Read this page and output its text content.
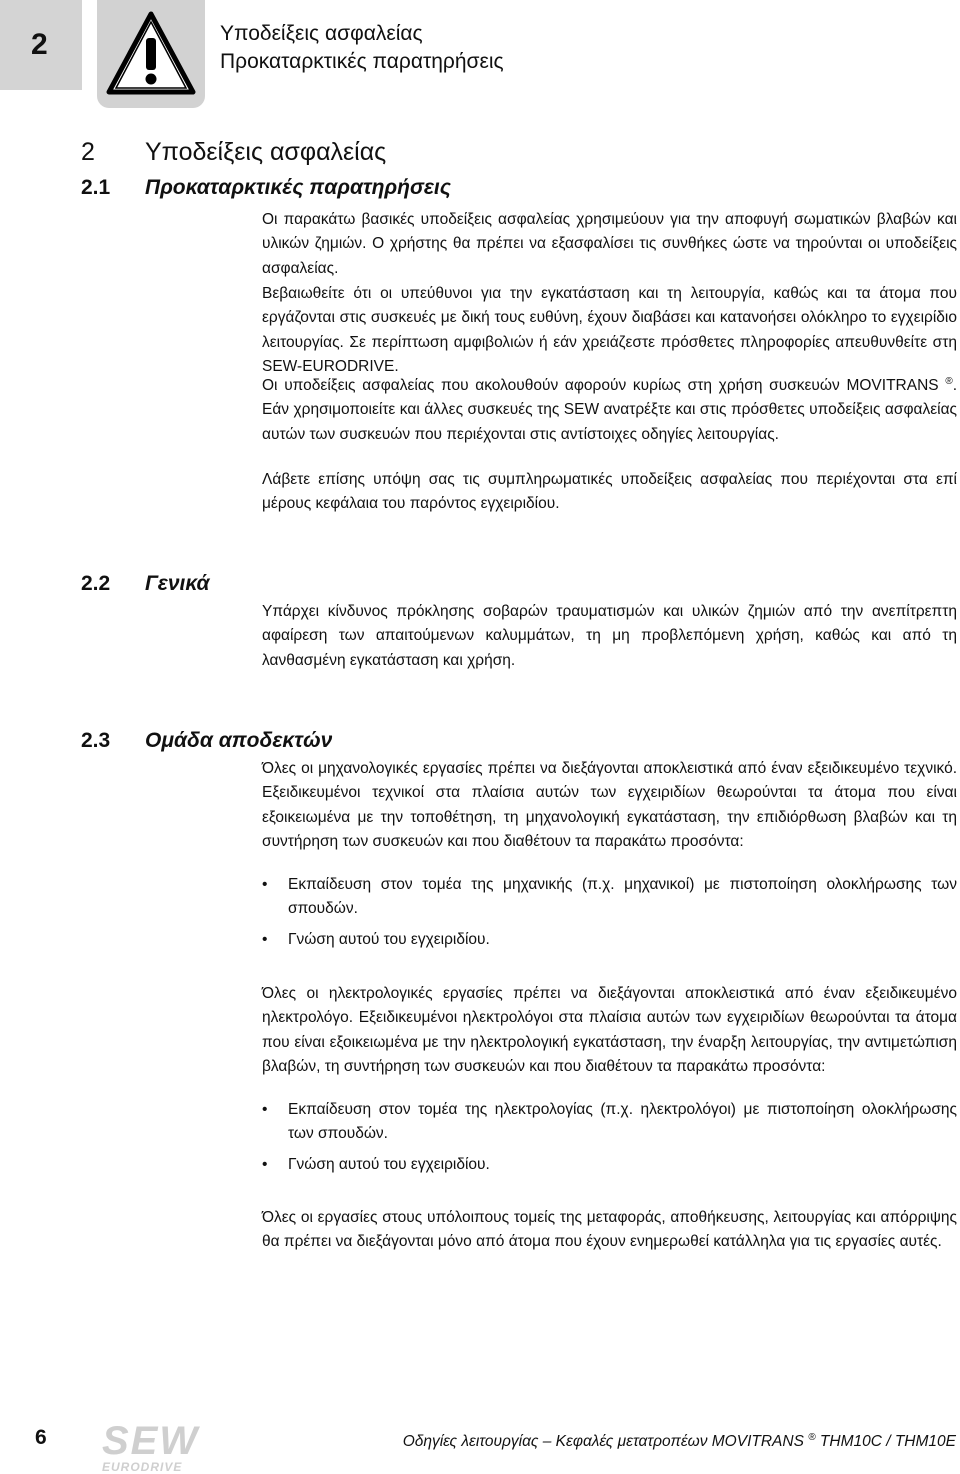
2	Υποδείξεις ασφαλείας
Προκαταρκτικές παρατηρήσεις
2 Υποδείξεις ασφαλείας
2.1 Προκαταρκτικές παρατηρήσεις

Οι παρακάτω βασικές υποδείξεις ασφαλείας χρησιμεύουν για την αποφυγή σωματικών βλαβών και υλικών ζημιών. Ο χρήστης θα πρέπει να εξασφαλίσει τις συνθήκες ώστε να τηρούνται οι υποδείξεις ασφαλείας.

Βεβαιωθείτε ότι οι υπεύθυνοι για την εγκατάσταση και τη λειτουργία, καθώς και τα άτομα που εργάζονται στις συσκευές με δική τους ευθύνη, έχουν διαβάσει και κατανοήσει ολόκληρο το εγχειρίδιο λειτουργίας. Σε περίπτωση αμφιβολιών ή εάν χρειάζεστε πρόσθετες πληροφορίες απευθυνθείτε στη SEW-EURODRIVE.

Οι υποδείξεις ασφαλείας που ακολουθούν αφορούν κυρίως στη χρήση συσκευών MOVITRANS ®. Εάν χρησιμοποιείτε και άλλες συσκευές της SEW ανατρέξτε και στις πρόσθετες υποδείξεις ασφαλείας αυτών των συσκευών που περιέχονται στις αντίστοιχες οδηγίες λειτουργίας.

Λάβετε επίσης υπόψη σας τις συμπληρωματικές υποδείξεις ασφαλείας που περιέχονται στα επί μέρους κεφάλαια του παρόντος εγχειριδίου.

2.2 Γενικά

Υπάρχει κίνδυνος πρόκλησης σοβαρών τραυματισμών και υλικών ζημιών από την ανεπίτρεπτη αφαίρεση των απαιτούμενων καλυμμάτων, τη μη προβλεπόμενη χρήση, καθώς και από τη λανθασμένη εγκατάσταση και χρήση.

2.3 Ομάδα αποδεκτών

Όλες οι μηχανολογικές εργασίες πρέπει να διεξάγονται αποκλειστικά από έναν εξειδικευμένο τεχνικό. Εξειδικευμένοι τεχνικοί στα πλαίσια αυτών των εγχειριδίων θεωρούνται τα άτομα που είναι εξοικειωμένα με την τοποθέτηση, τη μηχανολογική εγκατάσταση, την επιδιόρθωση βλαβών και τη συντήρηση των συσκευών και που διαθέτουν τα παρακάτω προσόντα:

• Εκπαίδευση στον τομέα της μηχανικής (π.χ. μηχανικοί) με πιστοποίηση ολοκλήρωσης των σπουδών.
• Γνώση αυτού του εγχειριδίου.

Όλες οι ηλεκτρολογικές εργασίες πρέπει να διεξάγονται αποκλειστικά από έναν εξειδικευμένο ηλεκτρολόγο. Εξειδικευμένοι ηλεκτρολόγοι στα πλαίσια αυτών των εγχειριδίων θεωρούνται τα άτομα που είναι εξοικειωμένα με την ηλεκτρολογική εγκατάσταση, την έναρξη λειτουργίας, την αντιμετώπιση βλαβών, τη συντήρηση των συσκευών και που διαθέτουν τα παρακάτω προσόντα:

• Εκπαίδευση στον τομέα της ηλεκτρολογίας (π.χ. ηλεκτρολόγοι) με πιστοποίηση ολοκλήρωσης των σπουδών.
• Γνώση αυτού του εγχειριδίου.

Όλες οι εργασίες στους υπόλοιπους τομείς της μεταφοράς, αποθήκευσης, λειτουργίας και απόρριψης θα πρέπει να διεξάγονται μόνο από άτομα που έχουν ενημερωθεί κατάλληλα για τις εργασίες αυτές.

6 SEW
EURODRIVE
Οδηγίες λειτουργίας – Κεφαλές μετατροπέων MOVITRANS ® THM10C / THM10E
